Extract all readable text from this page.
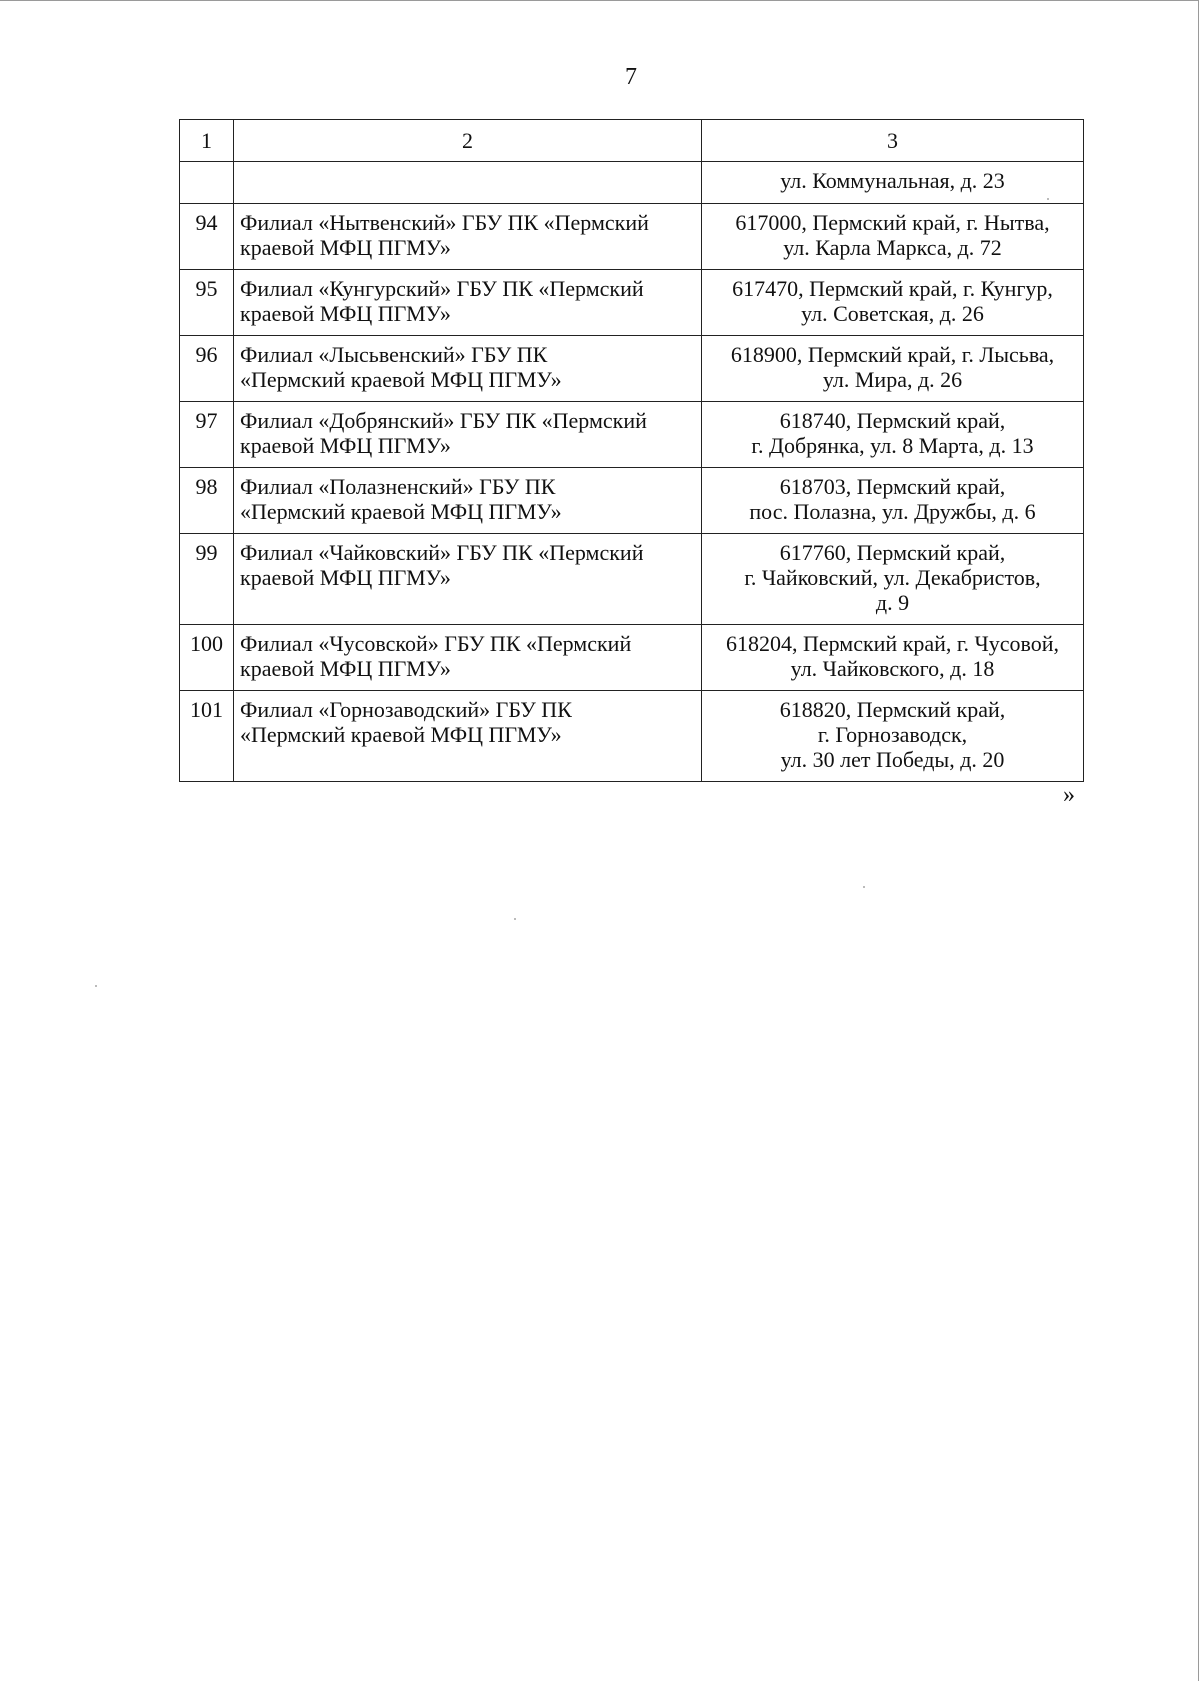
7
1	2	3

		ул. Коммунальная, д. 23

94	Филиал «Нытвенский» ГБУ ПК «Пермский
краевой МФЦ ПГМУ»	617000, Пермский край, г. Нытва,
ул. Карла Маркса, д. 72

95	Филиал «Кунгурский» ГБУ ПК «Пермский
краевой МФЦ ПГМУ»	617470, Пермский край, г. Кунгур,
ул. Советская, д. 26

96	Филиал «Лысьвенский» ГБУ ПК
«Пермский краевой МФЦ ПГМУ»	618900, Пермский край, г. Лысьва,
ул. Мира, д. 26

97	Филиал «Добрянский» ГБУ ПК «Пермский
краевой МФЦ ПГМУ»	618740, Пермский край,
г. Добрянка, ул. 8 Марта, д. 13

98	Филиал «Полазненский» ГБУ ПК
«Пермский краевой МФЦ ПГМУ»	618703, Пермский край,
пос. Полазна, ул. Дружбы, д. 6

99	Филиал «Чайковский» ГБУ ПК «Пермский
краевой МФЦ ПГМУ»	617760, Пермский край,
г. Чайковский, ул. Декабристов,
д. 9

100	Филиал «Чусовской» ГБУ ПК «Пермский
краевой МФЦ ПГМУ»	618204, Пермский край, г. Чусовой,
ул. Чайковского, д. 18

101	Филиал «Горнозаводский» ГБУ ПК
«Пермский краевой МФЦ ПГМУ»	618820, Пермский край,
г. Горнозаводск,
ул. 30 лет Победы, д. 20
»
